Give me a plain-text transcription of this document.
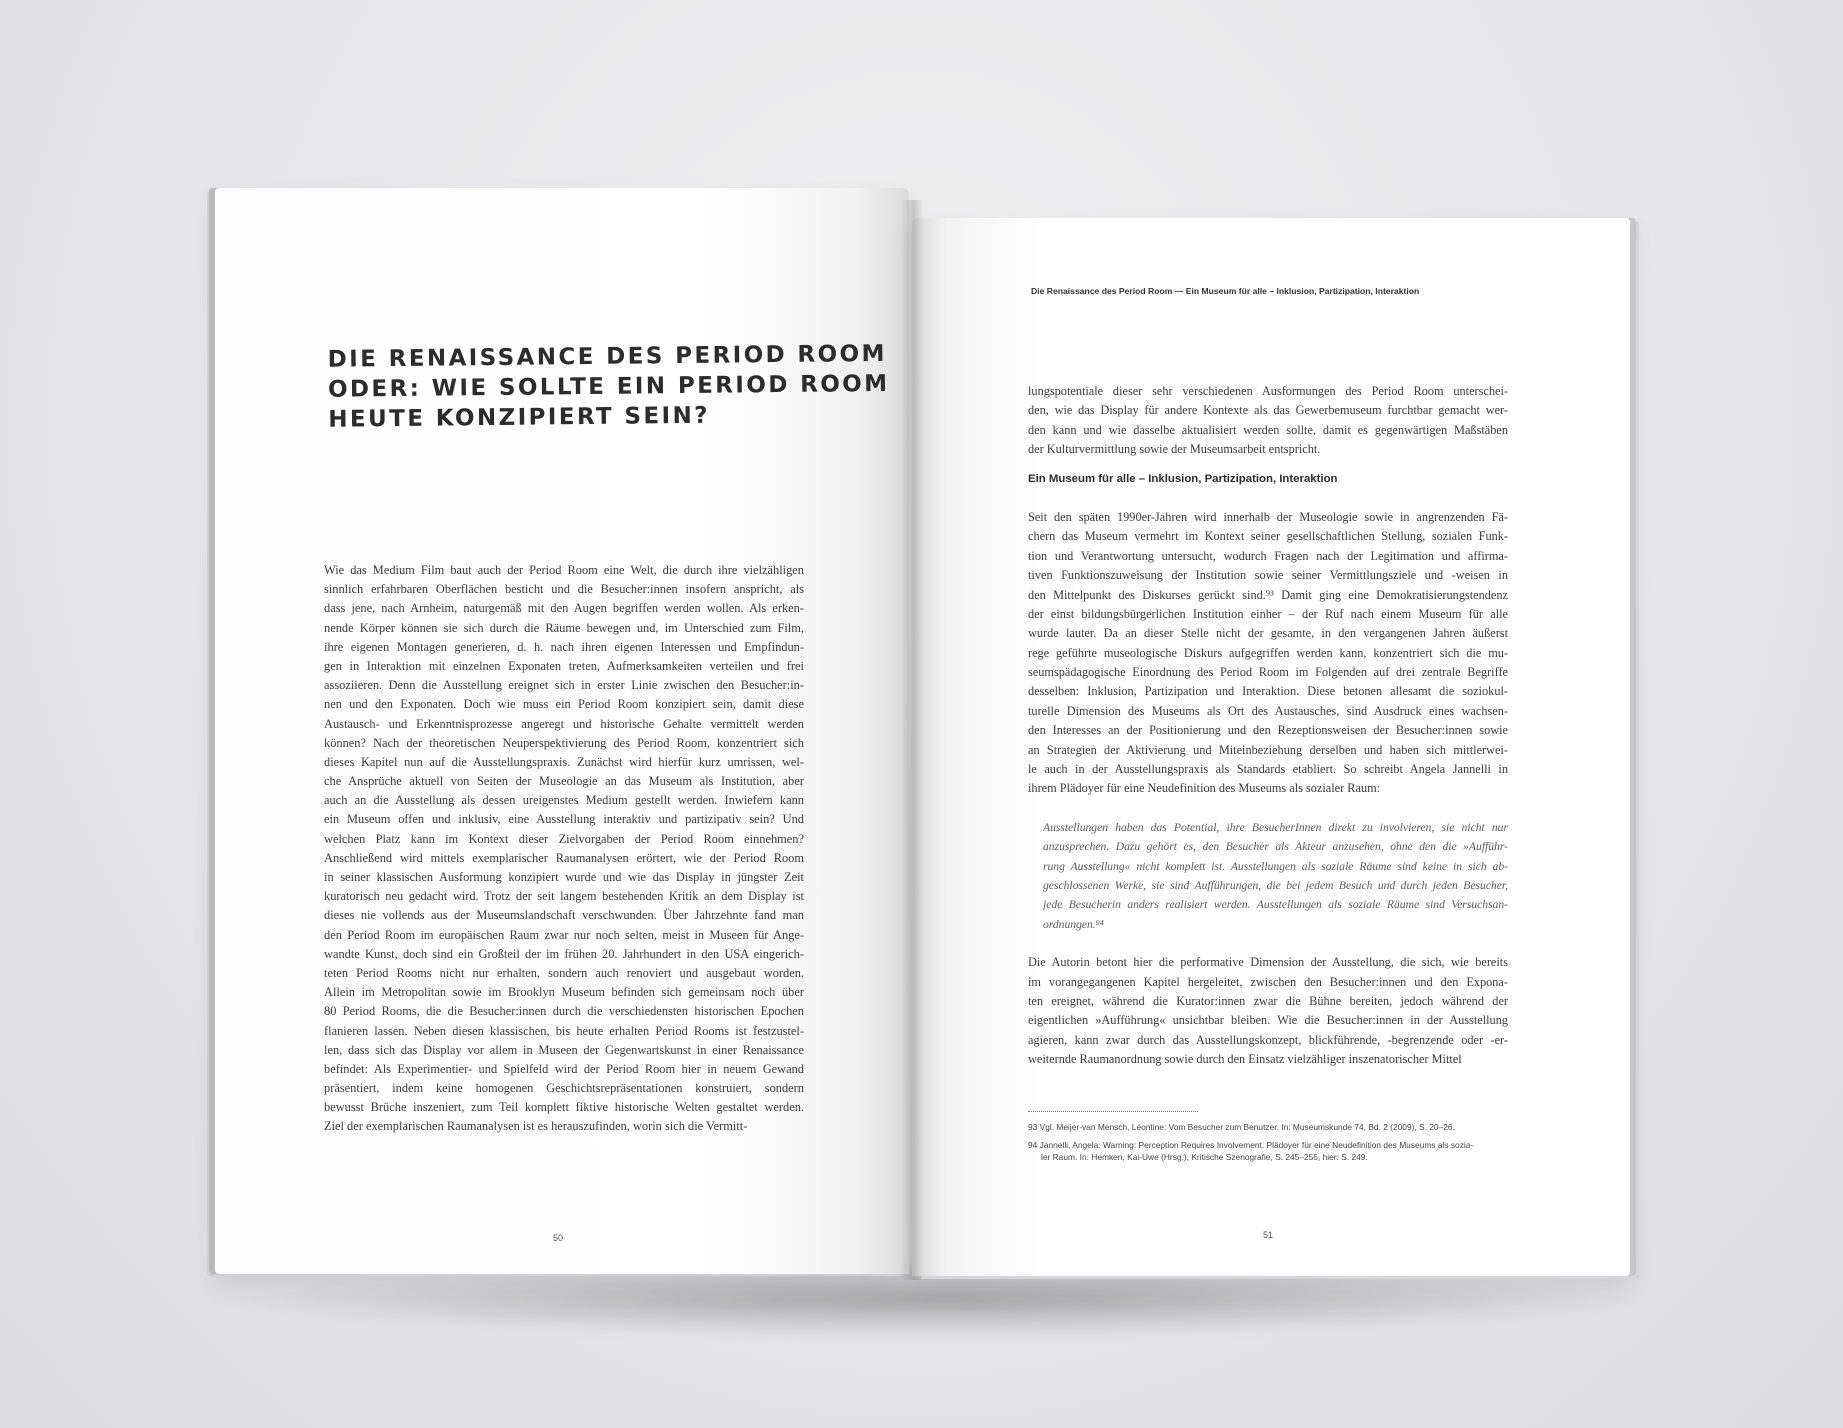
DIE RENAISSANCE DES PERIOD ROOM
ODER: WIE SOLLTE EIN PERIOD ROOM
HEUTE KONZIPIERT SEIN?
Wie das Medium Film baut auch der Period Room eine Welt, die durch ihre vielzähligen
sinnlich erfahrbaren Oberflächen besticht und die Besucher:innen insofern anspricht, als
dass jene, nach Arnheim, naturgemäß mit den Augen begriffen werden wollen. Als erken-
nende Körper können sie sich durch die Räume bewegen und, im Unterschied zum Film,
ihre eigenen Montagen generieren, d. h. nach ihren eigenen Interessen und Empfindun-
gen in Interaktion mit einzelnen Exponaten treten, Aufmerksamkeiten verteilen und frei
assoziieren. Denn die Ausstellung ereignet sich in erster Linie zwischen den Besucher:in-
nen und den Exponaten. Doch wie muss ein Period Room konzipiert sein, damit diese
Austausch- und Erkenntnisprozesse angeregt und historische Gehalte vermittelt werden
können? Nach der theoretischen Neuperspektivierung des Period Room, konzentriert sich
dieses Kapitel nun auf die Ausstellungspraxis. Zunächst wird hierfür kurz umrissen, wel-
che Ansprüche aktuell von Seiten der Museologie an das Museum als Institution, aber
auch an die Ausstellung als dessen ureigenstes Medium gestellt werden. Inwiefern kann
ein Museum offen und inklusiv, eine Ausstellung interaktiv und partizipativ sein? Und
welchen Platz kann im Kontext dieser Zielvorgaben der Period Room einnehmen?
Anschließend wird mittels exemplarischer Raumanalysen erörtert, wie der Period Room
in seiner klassischen Ausformung konzipiert wurde und wie das Display in jüngster Zeit
kuratorisch neu gedacht wird. Trotz der seit langem bestehenden Kritik an dem Display ist
dieses nie vollends aus der Museumslandschaft verschwunden. Über Jahrzehnte fand man
den Period Room im europäischen Raum zwar nur noch selten, meist in Museen für Ange-
wandte Kunst, doch sind ein Großteil der im frühen 20. Jahrhundert in den USA eingerich-
teten Period Rooms nicht nur erhalten, sondern auch renoviert und ausgebaut worden.
Allein im Metropolitan sowie im Brooklyn Museum befinden sich gemeinsam noch über
80 Period Rooms, die die Besucher:innen durch die verschiedensten historischen Epochen
flanieren lassen. Neben diesen klassischen, bis heute erhalten Period Rooms ist festzustel-
len, dass sich das Display vor allem in Museen der Gegenwartskunst in einer Renaissance
befindet: Als Experimentier- und Spielfeld wird der Period Room hier in neuem Gewand
präsentiert, indem keine homogenen Geschichtsrepräsentationen konstruiert, sondern
bewusst Brüche inszeniert, zum Teil komplett fiktive historische Welten gestaltet werden.
Ziel der exemplarischen Raumanalysen ist es herauszufinden, worin sich die Vermitt-
50
Die Renaissance des Period Room — Ein Museum für alle – Inklusion, Partizipation, Interaktion
lungspotentiale dieser sehr verschiedenen Ausformungen des Period Room unterschei-
den, wie das Display für andere Kontexte als das Gewerbemuseum furchtbar gemacht wer-
den kann und wie dasselbe aktualisiert werden sollte, damit es gegenwärtigen Maßstäben
der Kulturvermittlung sowie der Museumsarbeit entspricht.
Ein Museum für alle – Inklusion, Partizipation, Interaktion
Seit den späten 1990er-Jahren wird innerhalb der Museologie sowie in angrenzenden Fä-
chern das Museum vermehrt im Kontext seiner gesellschaftlichen Stellung, sozialen Funk-
tion und Verantwortung untersucht, wodurch Fragen nach der Legitimation und affirma-
tiven Funktionszuweisung der Institution sowie seiner Vermittlungsziele und -weisen in
den Mittelpunkt des Diskurses gerückt sind.⁹³ Damit ging eine Demokratisierungstendenz
der einst bildungsbürgerlichen Institution einher – der Ruf nach einem Museum für alle
wurde lauter. Da an dieser Stelle nicht der gesamte, in den vergangenen Jahren äußerst
rege geführte museologische Diskurs aufgegriffen werden kann, konzentriert sich die mu-
seumspädagogische Einordnung des Period Room im Folgenden auf drei zentrale Begriffe
desselben: Inklusion, Partizipation und Interaktion. Diese betonen allesamt die soziokul-
turelle Dimension des Museums als Ort des Austausches, sind Ausdruck eines wachsen-
den Interesses an der Positionierung und den Rezeptionsweisen der Besucher:innen sowie
an Strategien der Aktivierung und Miteinbeziehung derselben und haben sich mittlerwei-
le auch in der Ausstellungspraxis als Standards etabliert. So schreibt Angela Jannelli in
ihrem Plädoyer für eine Neudefinition des Museums als sozialer Raum:
Ausstellungen haben das Potential, ihre BesucherInnen direkt zu involvieren, sie nicht nur
anzusprechen. Dazu gehört es, den Besucher als Akteur anzusehen, ohne den die »Aufführ-
rung Ausstellung« nicht komplett ist. Ausstellungen als soziale Räume sind keine in sich ab-
geschlossenen Werke, sie sind Aufführungen, die bei jedem Besuch und durch jeden Besucher,
jede Besucherin anders realisiert werden. Ausstellungen als soziale Räume sind Versuchsan-
ordnungen.⁹⁴
Die Autorin betont hier die performative Dimension der Ausstellung, die sich, wie bereits
im vorangegangenen Kapitel hergeleitet, zwischen den Besucher:innen und den Exponа-
ten ereignet, während die Kurator:innen zwar die Bühne bereiten, jedoch während der
eigentlichen »Aufführung« unsichtbar bleiben. Wie die Besucher:innen in der Ausstellung
agieren, kann zwar durch das Ausstellungskonzept, blickführende, -begrenzende oder -er-
weiternde Raumanordnung sowie durch den Einsatz vielzähliger inszenatorischer Mittel
93 Vgl. Meijer-van Mensch, Léontine: Vom Besucher zum Benutzer. In: Museumskunde 74, Bd. 2 (2009), S. 20–26.
94 Jannelli, Angela: Warning: Perception Requires Involvement. Plädoyer für eine Neudefinition des Museums als sozia-
ler Raum. In: Hemken, Kai-Uwe (Hrsg.), Kritische Szenografie, S. 245–255, hier: S. 249.
51
